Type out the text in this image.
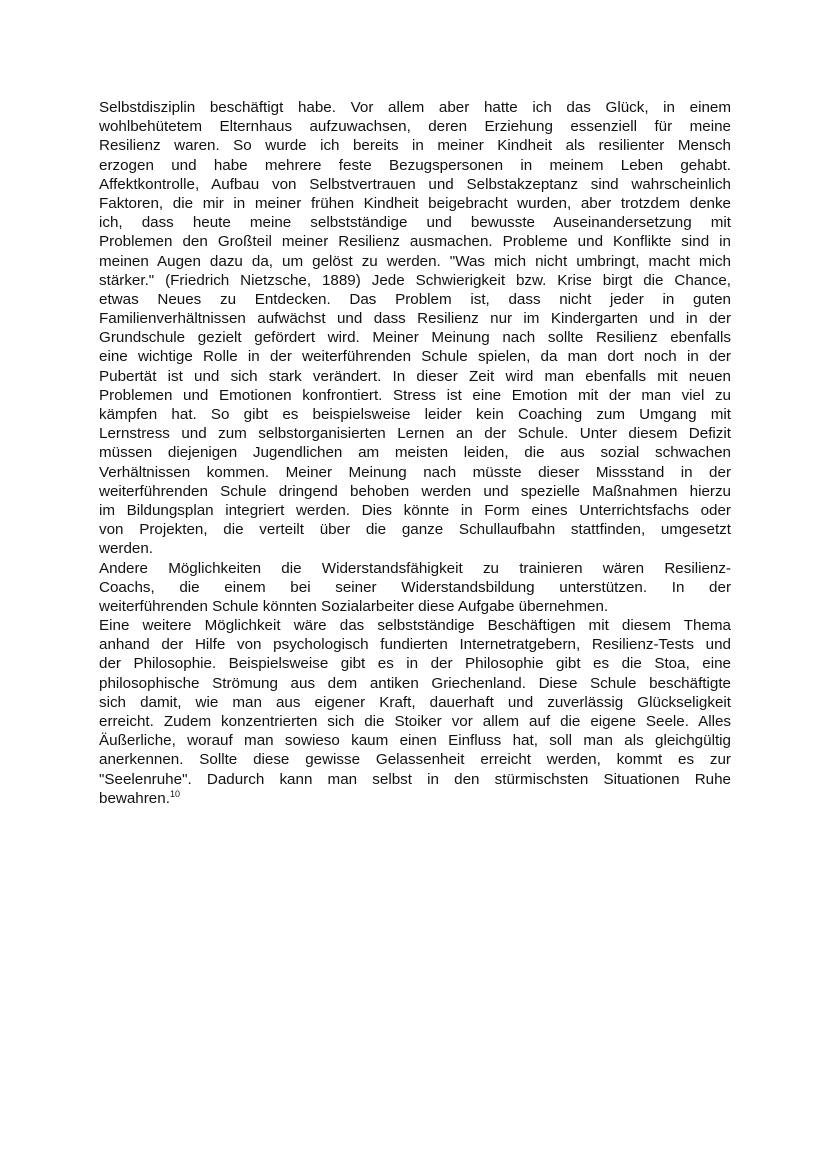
Selbstdisziplin beschäftigt habe. Vor allem aber hatte ich das Glück, in einem
wohlbehütetem Elternhaus aufzuwachsen, deren Erziehung essenziell für meine
Resilienz waren. So wurde ich bereits in meiner Kindheit als resilienter Mensch
erzogen und habe mehrere feste Bezugspersonen in meinem Leben gehabt.
Affektkontrolle, Aufbau von Selbstvertrauen und Selbstakzeptanz sind wahrscheinlich
Faktoren, die mir in meiner frühen Kindheit beigebracht wurden, aber trotzdem denke
ich, dass heute meine selbstständige und bewusste Auseinandersetzung mit
Problemen den Großteil meiner Resilienz ausmachen. Probleme und Konflikte sind in
meinen Augen dazu da, um gelöst zu werden. "Was mich nicht umbringt, macht mich
stärker." (Friedrich Nietzsche, 1889) Jede Schwierigkeit bzw. Krise birgt die Chance,
etwas Neues zu Entdecken. Das Problem ist, dass nicht jeder in guten
Familienverhältnissen aufwächst und dass Resilienz nur im Kindergarten und in der
Grundschule gezielt gefördert wird. Meiner Meinung nach sollte Resilienz ebenfalls
eine wichtige Rolle in der weiterführenden Schule spielen, da man dort noch in der
Pubertät ist und sich stark verändert. In dieser Zeit wird man ebenfalls mit neuen
Problemen und Emotionen konfrontiert. Stress ist eine Emotion mit der man viel zu
kämpfen hat. So gibt es beispielsweise leider kein Coaching zum Umgang mit
Lernstress und zum selbstorganisierten Lernen an der Schule. Unter diesem Defizit
müssen diejenigen Jugendlichen am meisten leiden, die aus sozial schwachen
Verhältnissen kommen. Meiner Meinung nach müsste dieser Missstand in der
weiterführenden Schule dringend behoben werden und spezielle Maßnahmen hierzu
im Bildungsplan integriert werden. Dies könnte in Form eines Unterrichtsfachs oder
von Projekten, die verteilt über die ganze Schullaufbahn stattfinden, umgesetzt
werden.
Andere Möglichkeiten die Widerstandsfähigkeit zu trainieren wären Resilienz-
Coachs, die einem bei seiner Widerstandsbildung unterstützen. In der
weiterführenden Schule könnten Sozialarbeiter diese Aufgabe übernehmen.
Eine weitere Möglichkeit wäre das selbstständige Beschäftigen mit diesem Thema
anhand der Hilfe von psychologisch fundierten Internetratgebern, Resilienz-Tests und
der Philosophie. Beispielsweise gibt es in der Philosophie gibt es die Stoa, eine
philosophische Strömung aus dem antiken Griechenland. Diese Schule beschäftigte
sich damit, wie man aus eigener Kraft, dauerhaft und zuverlässig Glückseligkeit
erreicht. Zudem konzentrierten sich die Stoiker vor allem auf die eigene Seele. Alles
Äußerliche, worauf man sowieso kaum einen Einfluss hat, soll man als gleichgültig
anerkennen. Sollte diese gewisse Gelassenheit erreicht werden, kommt es zur
"Seelenruhe". Dadurch kann man selbst in den stürmischsten Situationen Ruhe
bewahren.$^{10}$
